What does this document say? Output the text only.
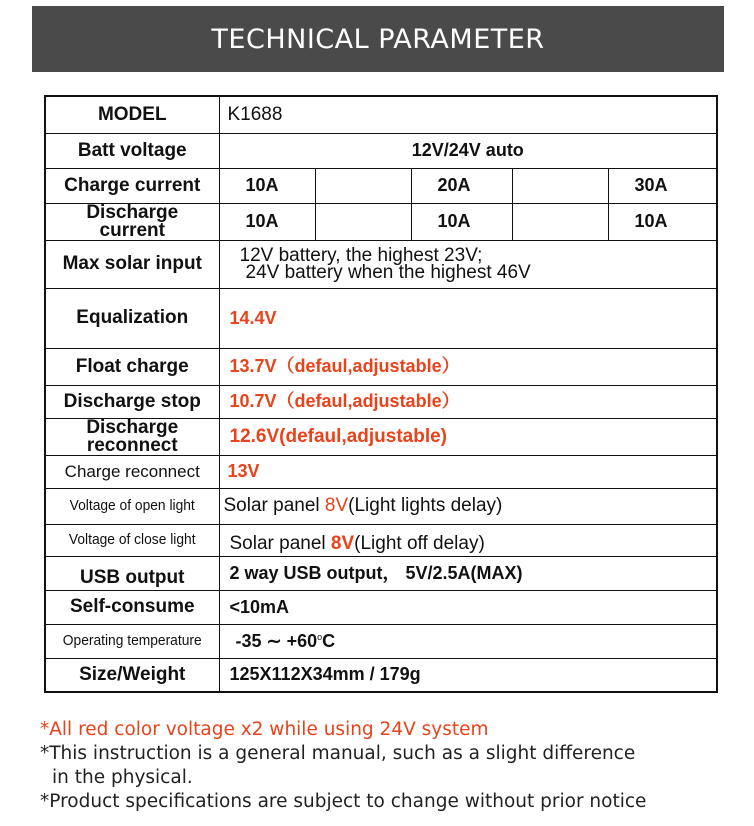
TECHNICAL PARAMETER
MODEL	K1688				
Batt voltage	12V/24V auto				
Charge current	10A		20A		30A

Discharge
current	10A		10A		10A
Max solar input	12V battery, the highest 23V;
24V battery when the highest 46V				

Equalization	14.4V				
Float charge	13.7V（defaul,adjustable）				
Discharge stop	10.7V（defaul,adjustable）				

Discharge
reconnect	12.6V(defaul,adjustable)				
Charge reconnect	13V				
Voltage of open light	Solar panel 8V(Light lights delay)				
Voltage of close light	Solar panel 8V(Light off delay)				
USB output	2 way USB output， 5V/2.5A(MAX)				
Self-consume	<10mA				
Operating temperature	-35 ∼ $+60^oC$				
Size/Weight	125X112X34mm / 179g				
*All red color voltage x2 while using 24V system
*This instruction is a general manual, such as a slight difference
in the physical.
*Product specifications are subject to change without prior notice
